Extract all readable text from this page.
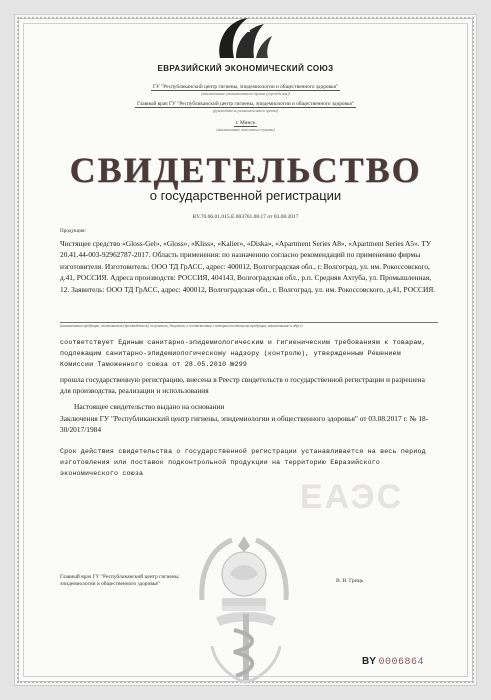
ЕВРАЗИЙСКИЙ ЭКОНОМИЧЕСКИЙ СОЮЗ
ГУ "Республиканский центр гигиены, эпидемиологии и общественного здоровья"
(наименование уполномоченного органа (учреждения))
Главный врач ГУ "Республиканский центр гигиены, эпидемиологии и общественного здоровья"
(руководитель уполномоченного органа)
г. Минск
(наименование населенного пункта)
СВИДЕТЕЛЬСТВО
о государственной регистрации
BY.70.06.01.015.Е.003761.08.17 от 03.08.2017
Продукция:
Чистящее средство «Gloss-Gel», «Gloss», «Kliss», «Kalier», «Diska», «Apartment Series A8», «Apartment Series A5». ТУ 20.41.44-003-92962787-2017. Область применения: по назначению согласно рекомендаций по применению фирмы изготовителя. Изготовитель: ООО ТД ГрАСС, адрес: 400012, Волгоградская обл., г. Волгоград, ул. им. Рокоссовского, д.41, РОССИЯ. Адреса производств: РОССИЯ, 404143, Волгоградская обл., р.п. Средняя Ахтуба, ул. Промышленная, 12. Заявитель: ООО ТД ГрАСС, адрес: 400012, Волгоградская обл., г. Волгоград, ул. им. Рокоссовского, д.41, РОССИЯ.
(наименование продукции, изготовитель (производитель), получатель, документ, в соответствии с которым изготовлена продукция, наименование и адрес)
соответствует Единым санитарно-эпидемиологическим и гигиеническим требованиям к товарам, подлежащим санитарно-эпидемиологическому надзору (контролю), утвержденным Решением Комиссии Таможенного союза от 28.05.2010 №299
прошла государственную регистрацию, внесена в Реестр свидетельств о государственной регистрации и разрешена для производства, реализации и использования
Настоящее свидетельство выдано на основании
Заключения ГУ "Республиканский центр гигиены, эпидемиологии и общественного здоровья" от 03.08.2017 г. № 18-30/2017/1984
Срок действия свидетельства о государственной регистрации устанавливается на весь период изготовления или поставок подконтрольной продукции на территорию Евразийского экономического союза
ЕАЭС
Главный врач ГУ "Республиканский центр гигиены, эпидемиологии и общественного здоровья"	В. В. Гриць
BY 0006864
